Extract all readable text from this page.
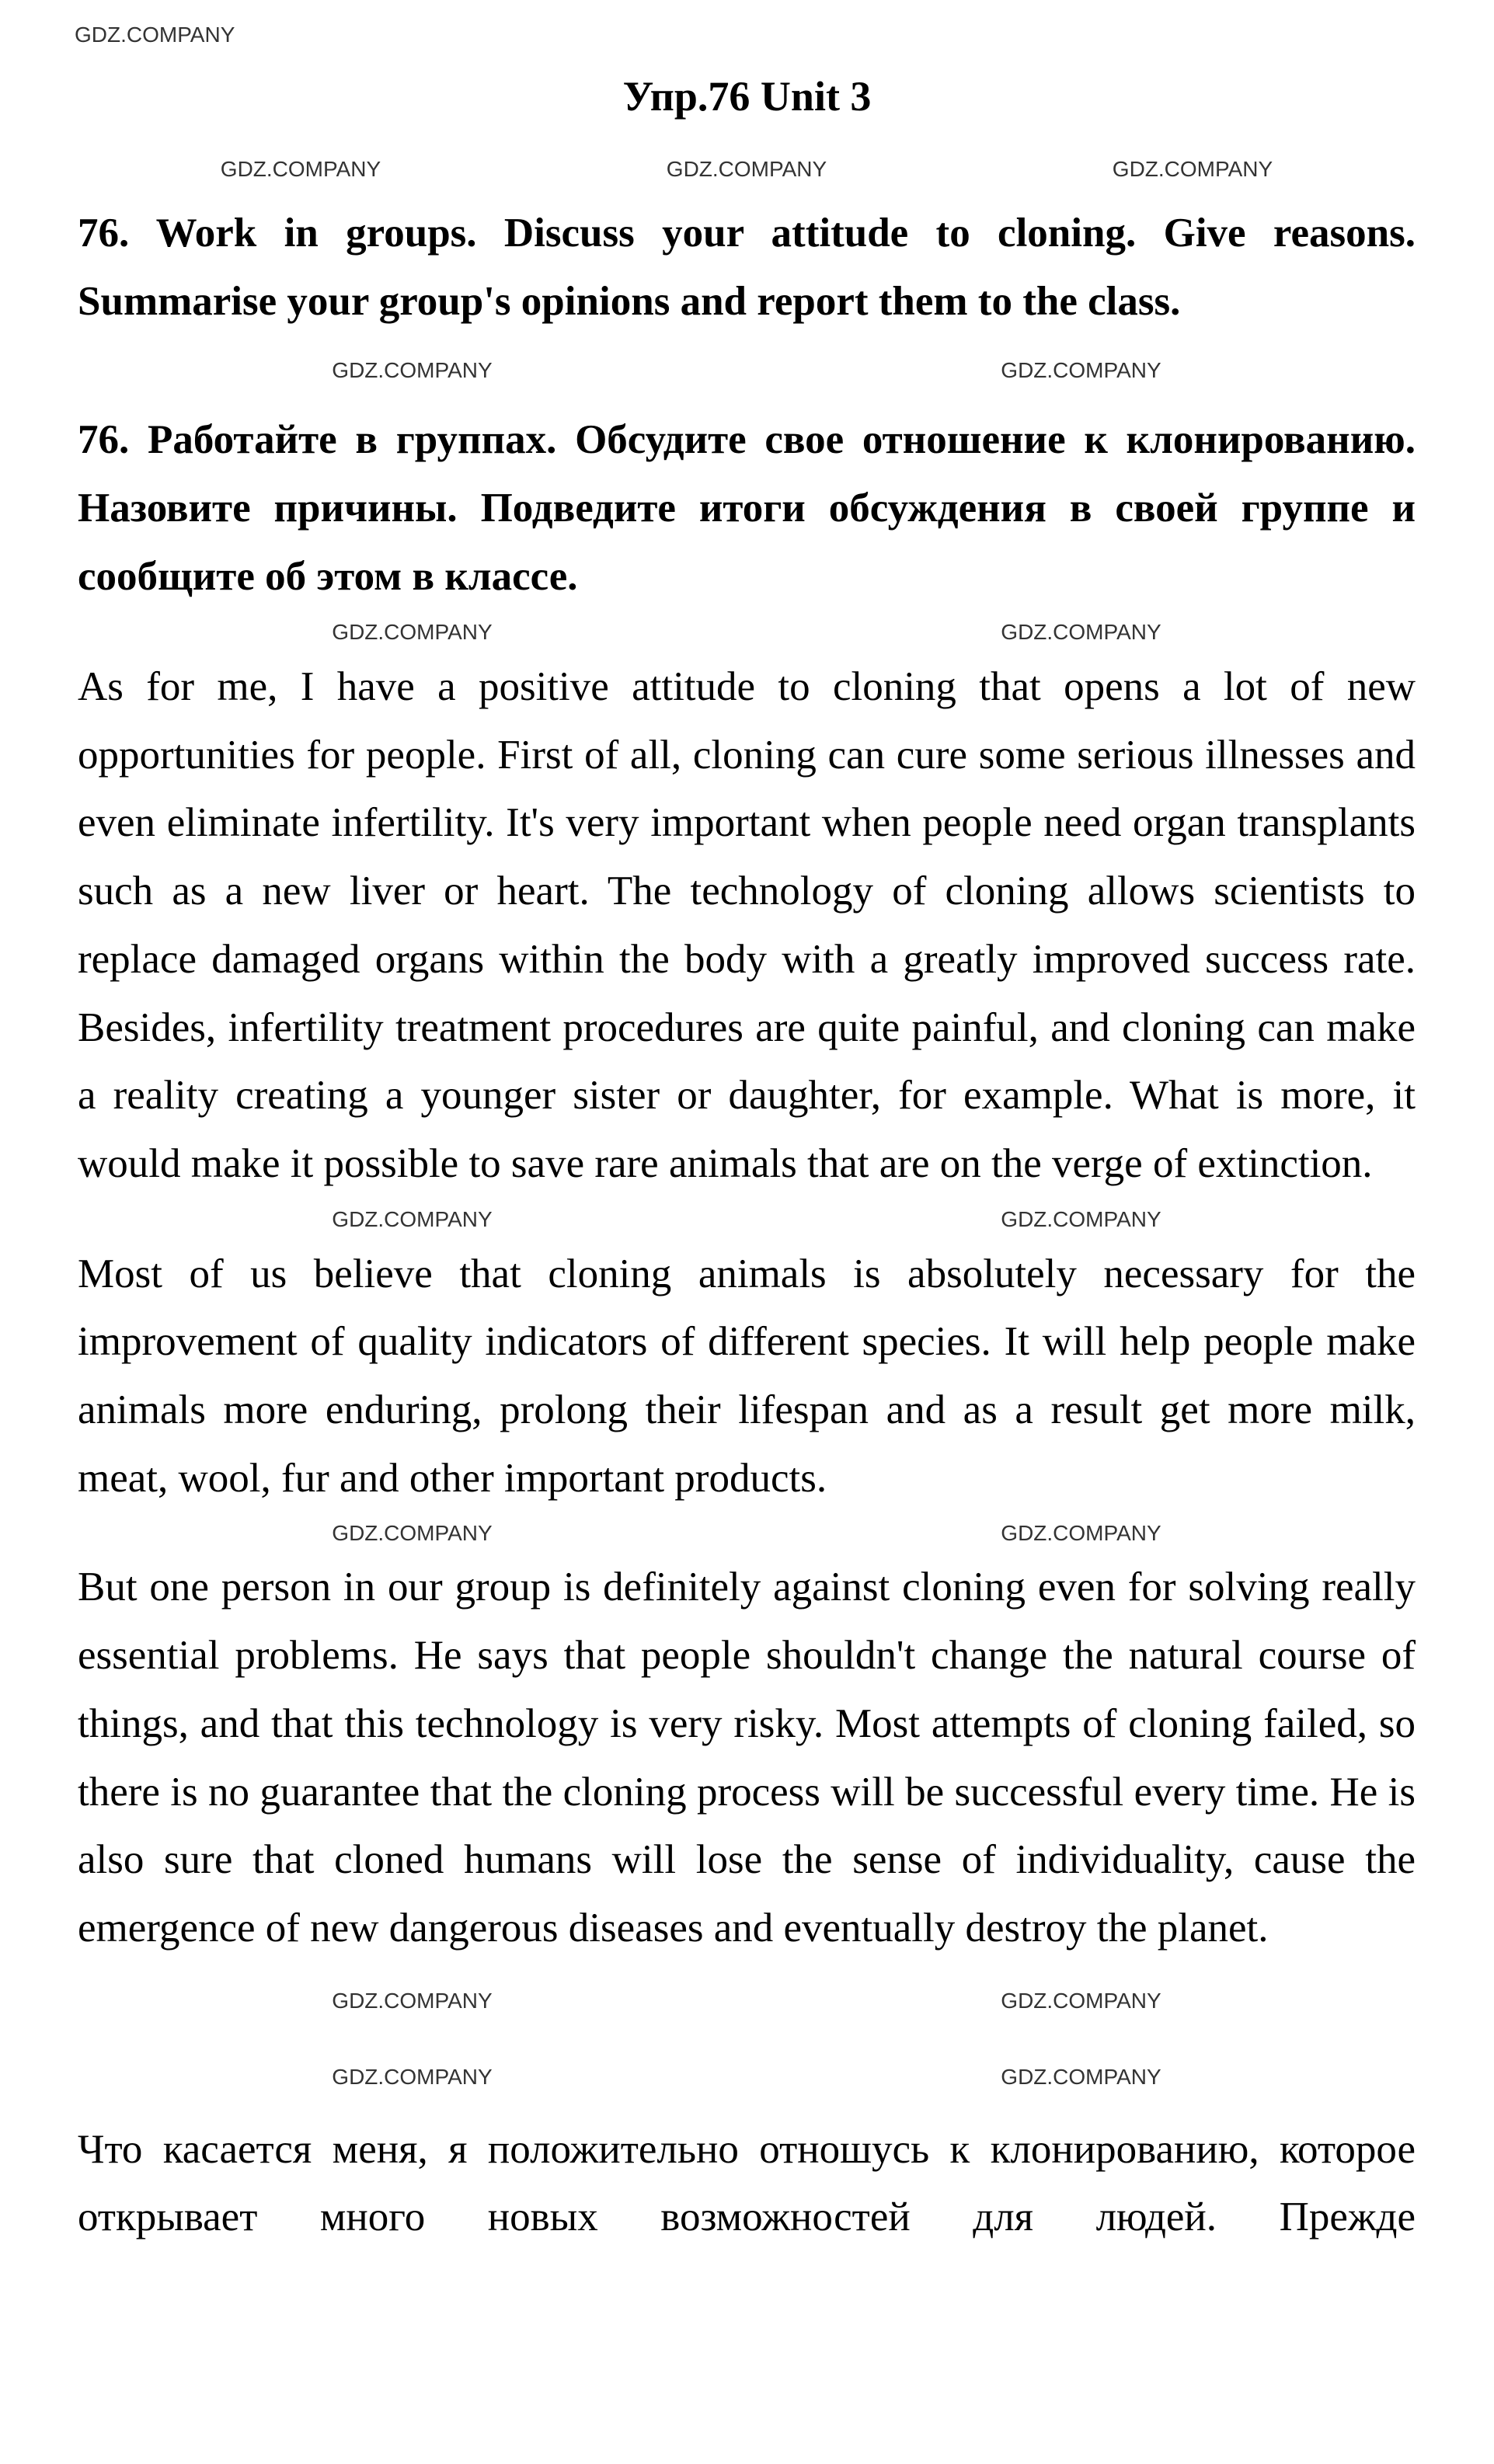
GDZ.COMPANY
Упр.76 Unit 3
GDZ.COMPANY	GDZ.COMPANY	GDZ.COMPANY
76. Work in groups. Discuss your attitude to cloning. Give reasons. Summarise your group's opinions and report them to the class.
GDZ.COMPANY	GDZ.COMPANY
76. Работайте в группах. Обсудите свое отношение к клонированию. Назовите причины. Подведите итоги обсуждения в своей группе и сообщите об этом в классе.
GDZ.COMPANY	GDZ.COMPANY
As for me, I have a positive attitude to cloning that opens a lot of new opportunities for people. First of all, cloning can cure some serious illnesses and even eliminate infertility. It's very important when people need organ transplants such as a new liver or heart. The technology of cloning allows scientists to replace damaged organs within the body with a greatly improved success rate. Besides, infertility treatment procedures are quite painful, and cloning can make a reality creating a younger sister or daughter, for example. What is more, it would make it possible to save rare animals that are on the verge of extinction.
GDZ.COMPANY	GDZ.COMPANY
Most of us believe that cloning animals is absolutely necessary for the improvement of quality indicators of different species. It will help people make animals more enduring, prolong their lifespan and as a result get more milk, meat, wool, fur and other important products.
GDZ.COMPANY	GDZ.COMPANY
But one person in our group is definitely against cloning even for solving really essential problems. He says that people shouldn't change the natural course of things, and that this technology is very risky. Most attempts of cloning failed, so there is no guarantee that the cloning process will be successful every time. He is also sure that cloned humans will lose the sense of individuality, cause the emergence of new dangerous diseases and eventually destroy the planet.
GDZ.COMPANY	GDZ.COMPANY
GDZ.COMPANY	GDZ.COMPANY
Что касается меня, я положительно отношусь к клонированию, которое открывает много новых возможностей для людей. Прежде
